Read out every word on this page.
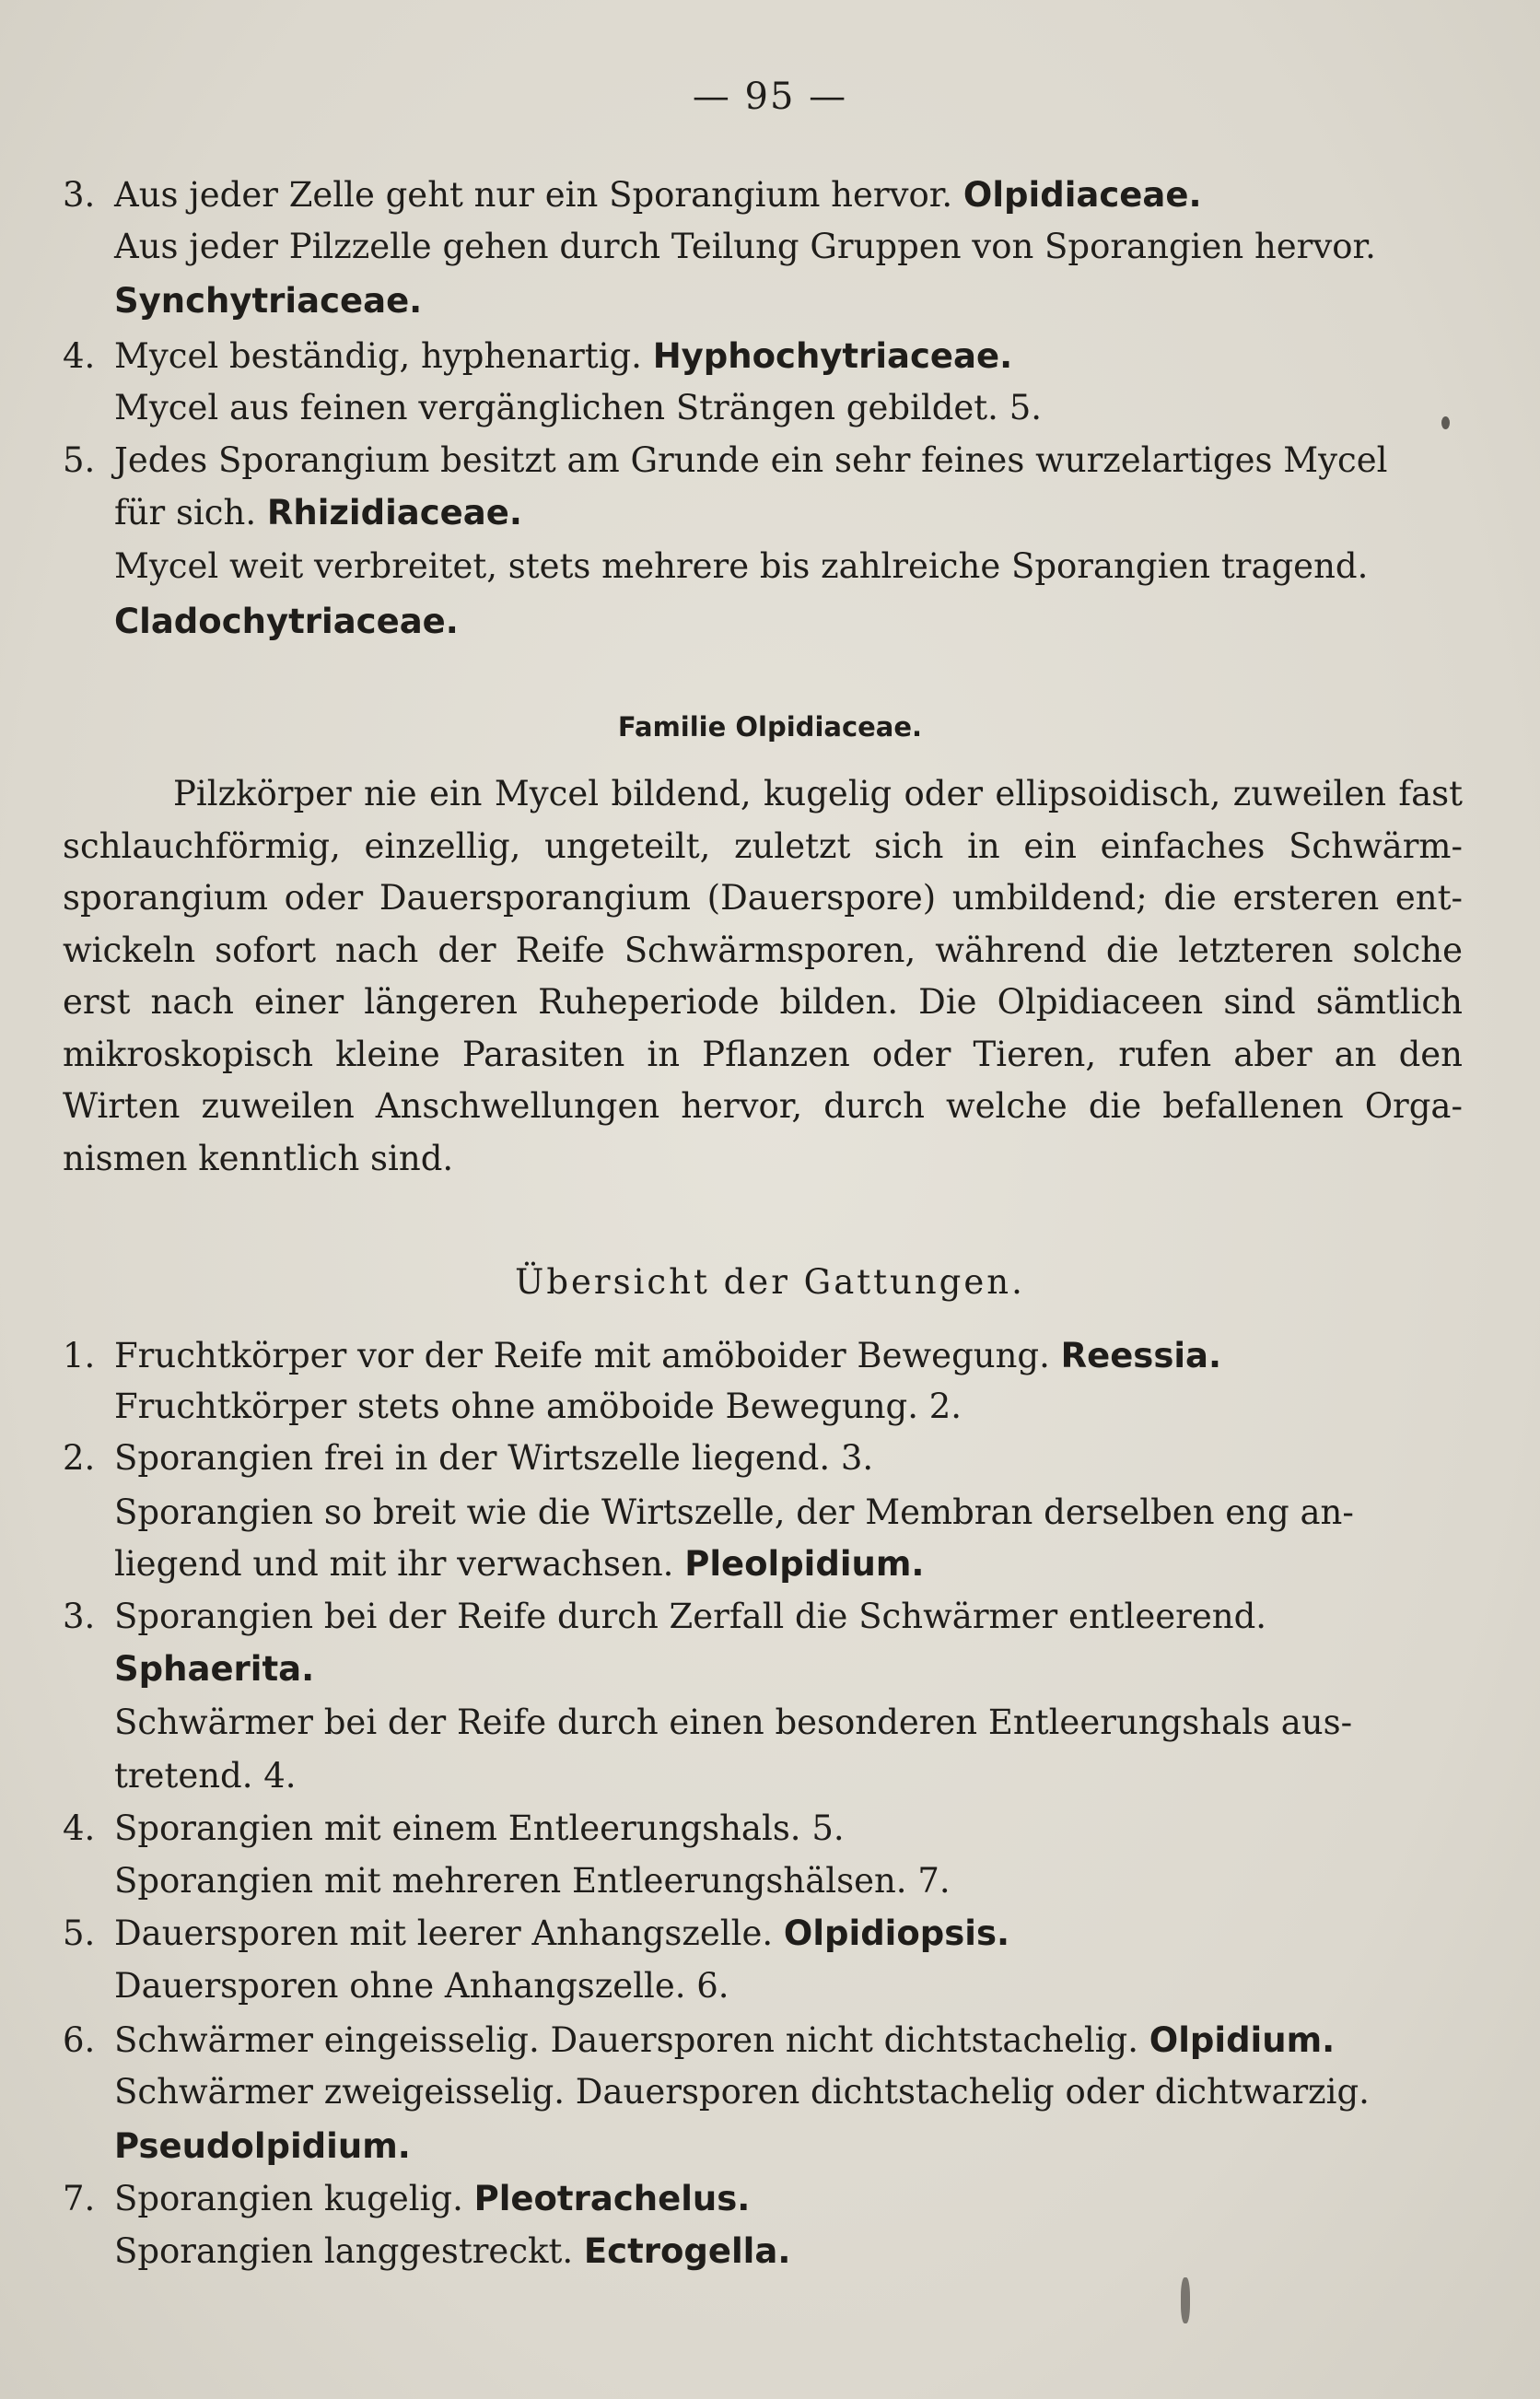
— 95 —
3. Aus jeder Zelle geht nur ein Sporangium hervor. Olpidiaceae.
Aus jeder Pilzzelle gehen durch Teilung Gruppen von Sporangien hervor.
Synchytriaceae.
4. Mycel beständig, hyphenartig. Hyphochytriaceae.
Mycel aus feinen vergänglichen Strängen gebildet. 5.
5. Jedes Sporangium besitzt am Grunde ein sehr feines wurzelartiges Mycel
für sich. Rhizidiaceae.
Mycel weit verbreitet, stets mehrere bis zahlreiche Sporangien tragend.
Cladochytriaceae.
Familie Olpidiaceae.
Pilzkörper nie ein Mycel bildend, kugelig oder ellipsoidisch, zuweilen fast schlauchförmig, einzellig, ungeteilt, zuletzt sich in ein einfaches Schwärmsporangium oder Dauersporangium (Dauerspore) umbildend; die ersteren entwickeln sofort nach der Reife Schwärmsporen, während die letzteren solche erst nach einer längeren Ruheperiode bilden. Die Olpidiaceen sind sämtlich mikroskopisch kleine Parasiten in Pflanzen oder Tieren, rufen aber an den Wirten zuweilen Anschwellungen hervor, durch welche die befallenen Organismen kenntlich sind.
Übersicht der Gattungen.
1. Fruchtkörper vor der Reife mit amöboider Bewegung. Reessia.
Fruchtkörper stets ohne amöboide Bewegung. 2.
2. Sporangien frei in der Wirtszelle liegend. 3.
Sporangien so breit wie die Wirtszelle, der Membran derselben eng an-
liegend und mit ihr verwachsen. Pleolpidium.
3. Sporangien bei der Reife durch Zerfall die Schwärmer entleerend.
Sphaerita.
Schwärmer bei der Reife durch einen besonderen Entleerungshals aus-
tretend. 4.
4. Sporangien mit einem Entleerungshals. 5.
Sporangien mit mehreren Entleerungshälsen. 7.
5. Dauersporen mit leerer Anhangszelle. Olpidiopsis.
Dauersporen ohne Anhangszelle. 6.
6. Schwärmer eingeisselig. Dauersporen nicht dichtstachelig. Olpidium.
Schwärmer zweigeisselig. Dauersporen dichtstachelig oder dichtwarzig.
Pseudolpidium.
7. Sporangien kugelig. Pleotrachelus.
Sporangien langgestreckt. Ectrogella.
